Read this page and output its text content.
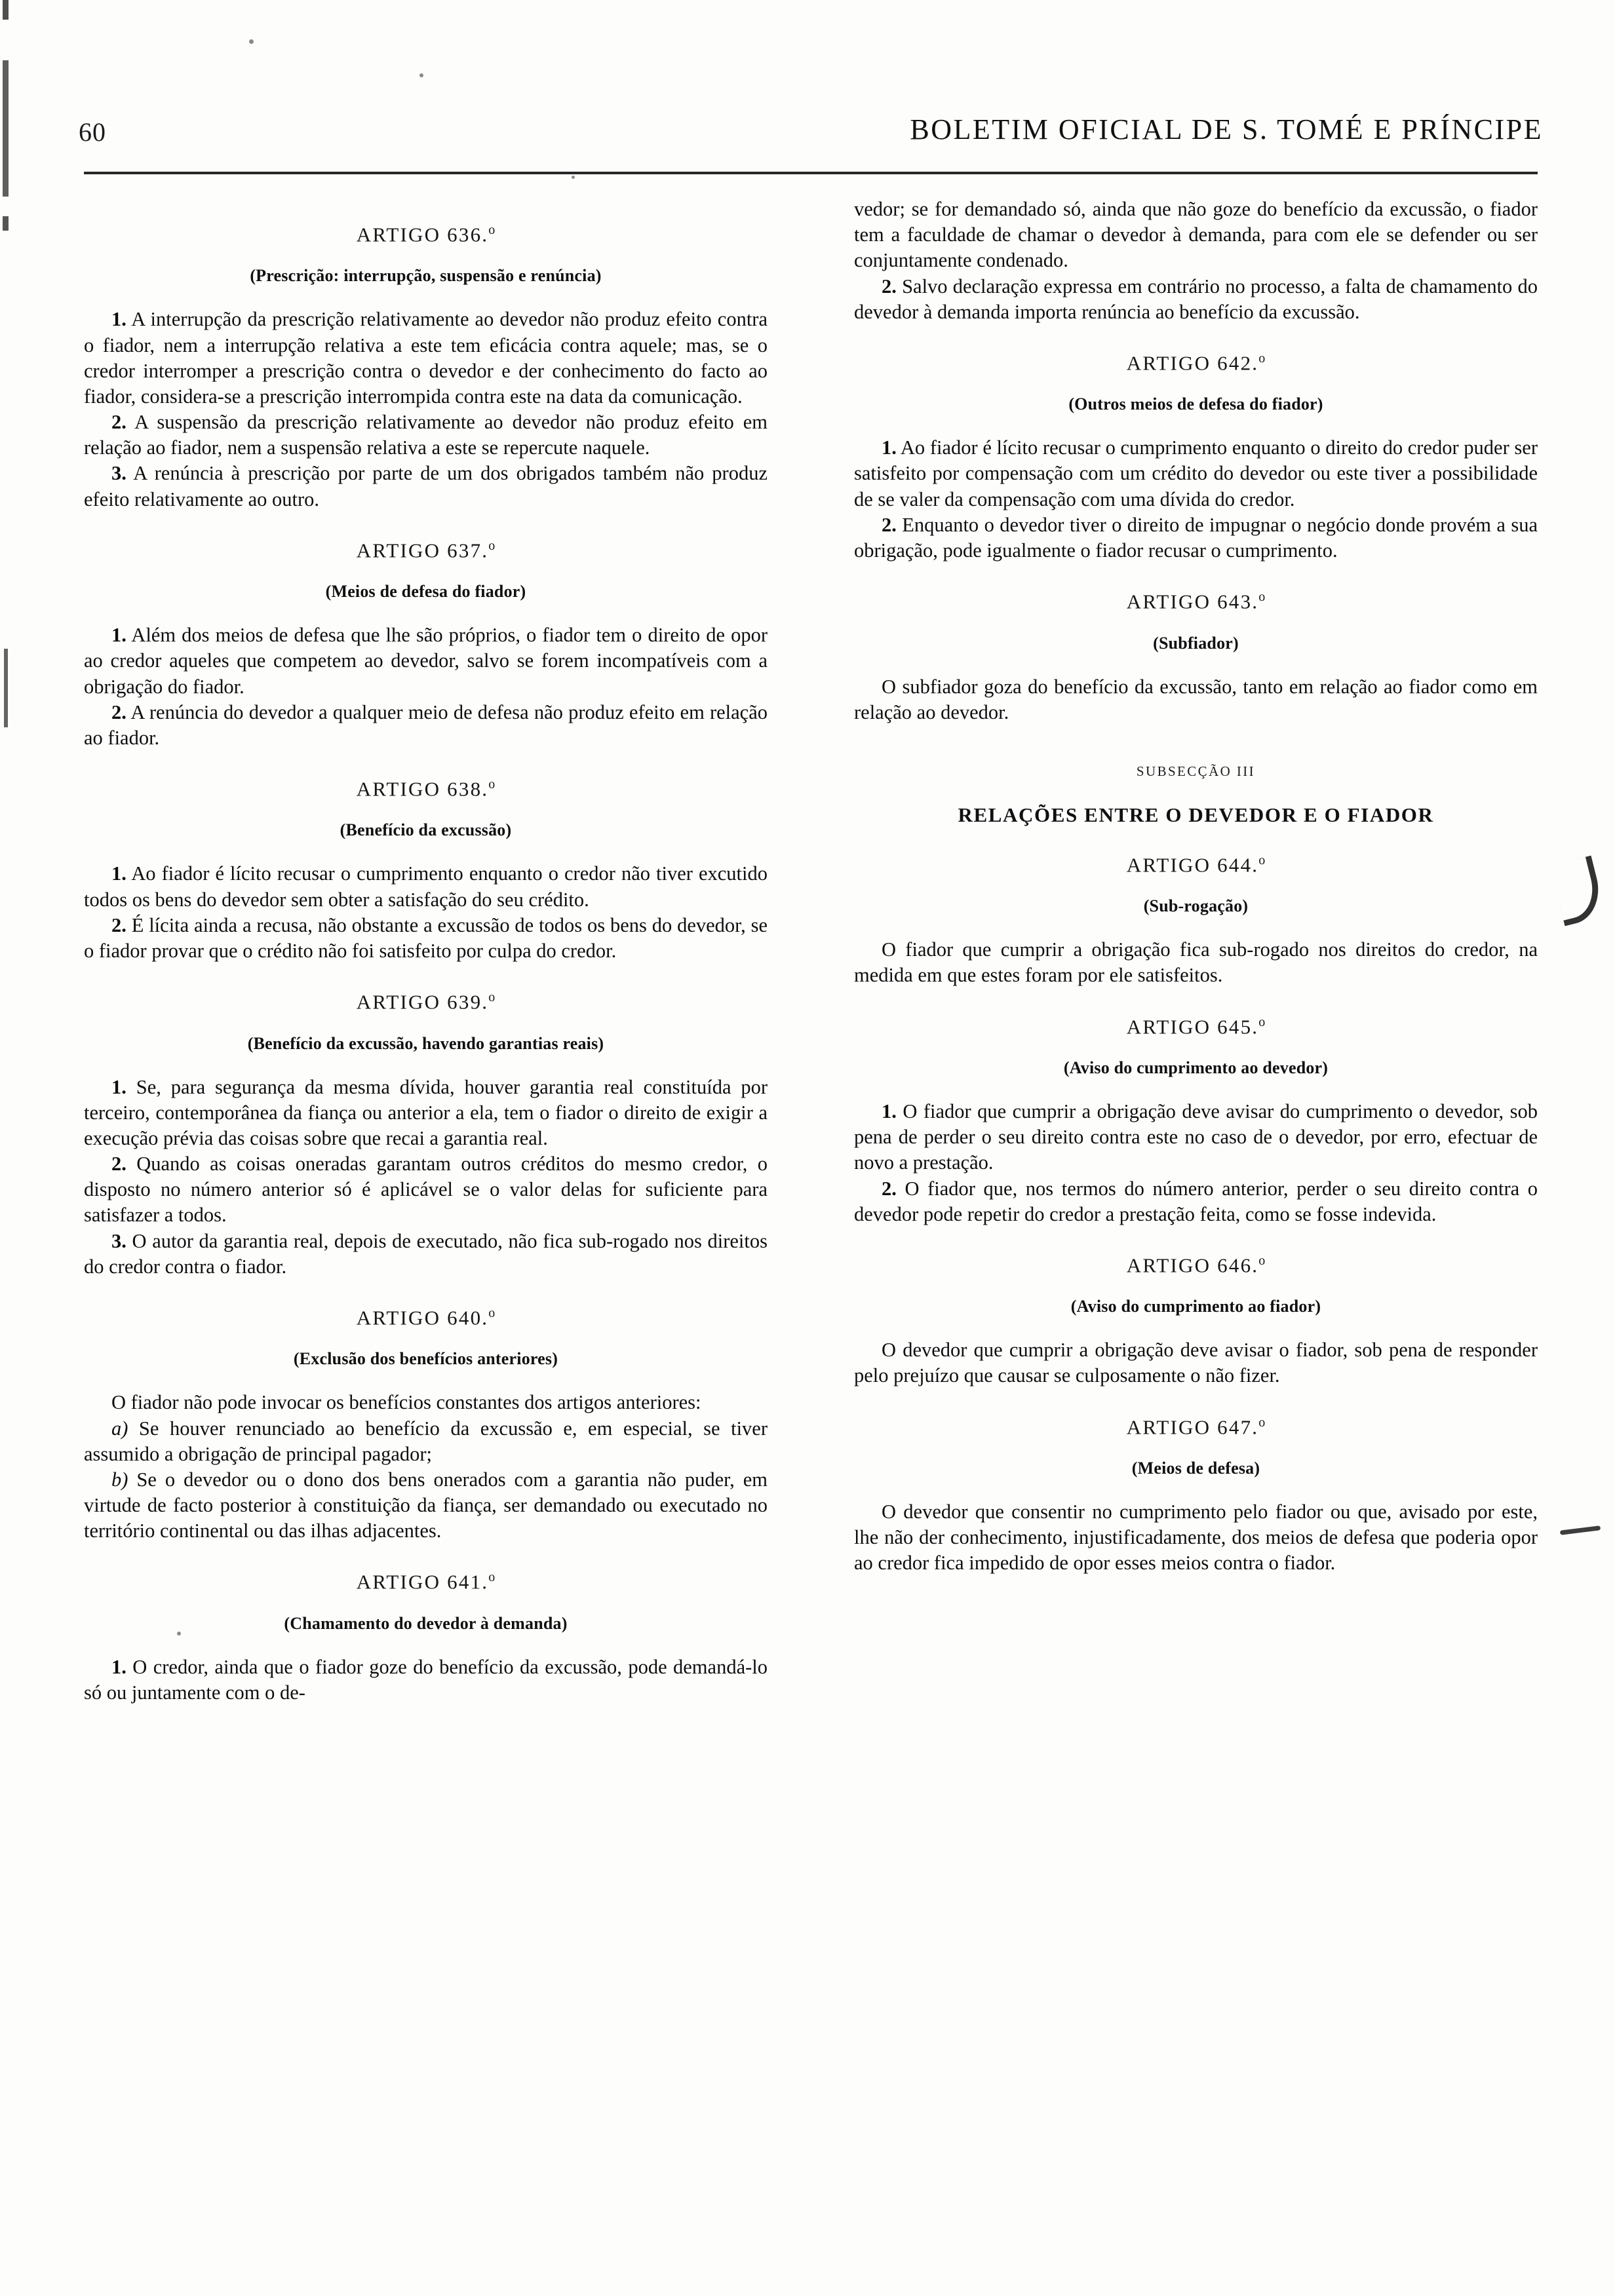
60	BOLETIM OFICIAL DE S. TOMÉ E PRÍNCIPE
ARTIGO 636.$^o$
(Prescrição: interrupção, suspensão e renúncia)

1. A interrupção da prescrição relativamente ao devedor não produz efeito contra o fiador, nem a interrupção relativa a este tem eficácia contra aquele; mas, se o credor interromper a prescrição contra o devedor e der conhecimento do facto ao fiador, considera-se a prescrição interrompida contra este na data da comunicação.

2. A suspensão da prescrição relativamente ao devedor não produz efeito em relação ao fiador, nem a suspensão relativa a este se repercute naquele.

3. A renúncia à prescrição por parte de um dos obrigados também não produz efeito relativamente ao outro.

ARTIGO 637.$^o$
(Meios de defesa do fiador)

1. Além dos meios de defesa que lhe são próprios, o fiador tem o direito de opor ao credor aqueles que competem ao devedor, salvo se forem incompatíveis com a obrigação do fiador.

2. A renúncia do devedor a qualquer meio de defesa não produz efeito em relação ao fiador.

ARTIGO 638.$^o$
(Benefício da excussão)

1. Ao fiador é lícito recusar o cumprimento enquanto o credor não tiver excutido todos os bens do devedor sem obter a satisfação do seu crédito.

2. É lícita ainda a recusa, não obstante a excussão de todos os bens do devedor, se o fiador provar que o crédito não foi satisfeito por culpa do credor.

ARTIGO 639.$^o$
(Benefício da excussão, havendo garantias reais)

1. Se, para segurança da mesma dívida, houver garantia real constituída por terceiro, contemporânea da fiança ou anterior a ela, tem o fiador o direito de exigir a execução prévia das coisas sobre que recai a garantia real.

2. Quando as coisas oneradas garantam outros créditos do mesmo credor, o disposto no número anterior só é aplicável se o valor delas for suficiente para satisfazer a todos.

3. O autor da garantia real, depois de executado, não fica sub-rogado nos direitos do credor contra o fiador.

ARTIGO 640.$^o$
(Exclusão dos benefícios anteriores)

O fiador não pode invocar os benefícios constantes dos artigos anteriores:

a) Se houver renunciado ao benefício da excussão e, em especial, se tiver assumido a obrigação de principal pagador;

b) Se o devedor ou o dono dos bens onerados com a garantia não puder, em virtude de facto posterior à constituição da fiança, ser demandado ou executado no território continental ou das ilhas adjacentes.

ARTIGO 641.$^o$
(Chamamento do devedor à demanda)

1. O credor, ainda que o fiador goze do benefício da excussão, pode demandá-lo só ou juntamente com o de-

vedor; se for demandado só, ainda que não goze do benefício da excussão, o fiador tem a faculdade de chamar o devedor à demanda, para com ele se defender ou ser conjuntamente condenado.

2. Salvo declaração expressa em contrário no processo, a falta de chamamento do devedor à demanda importa renúncia ao benefício da excussão.

ARTIGO 642.$^o$
(Outros meios de defesa do fiador)

1. Ao fiador é lícito recusar o cumprimento enquanto o direito do credor puder ser satisfeito por compensação com um crédito do devedor ou este tiver a possibilidade de se valer da compensação com uma dívida do credor.

2. Enquanto o devedor tiver o direito de impugnar o negócio donde provém a sua obrigação, pode igualmente o fiador recusar o cumprimento.

ARTIGO 643.$^o$
(Subfiador)

O subfiador goza do benefício da excussão, tanto em relação ao fiador como em relação ao devedor.

SUBSECÇÃO III
RELAÇÕES ENTRE O DEVEDOR E O FIADOR
ARTIGO 644.$^o$
(Sub-rogação)

O fiador que cumprir a obrigação fica sub-rogado nos direitos do credor, na medida em que estes foram por ele satisfeitos.

ARTIGO 645.$^o$
(Aviso do cumprimento ao devedor)

1. O fiador que cumprir a obrigação deve avisar do cumprimento o devedor, sob pena de perder o seu direito contra este no caso de o devedor, por erro, efectuar de novo a prestação.

2. O fiador que, nos termos do número anterior, perder o seu direito contra o devedor pode repetir do credor a prestação feita, como se fosse indevida.

ARTIGO 646.$^o$
(Aviso do cumprimento ao fiador)

O devedor que cumprir a obrigação deve avisar o fiador, sob pena de responder pelo prejuízo que causar se culposamente o não fizer.

ARTIGO 647.$^o$
(Meios de defesa)

O devedor que consentir no cumprimento pelo fiador ou que, avisado por este, lhe não der conhecimento, injustificadamente, dos meios de defesa que poderia opor ao credor fica impedido de opor esses meios contra o fiador.
